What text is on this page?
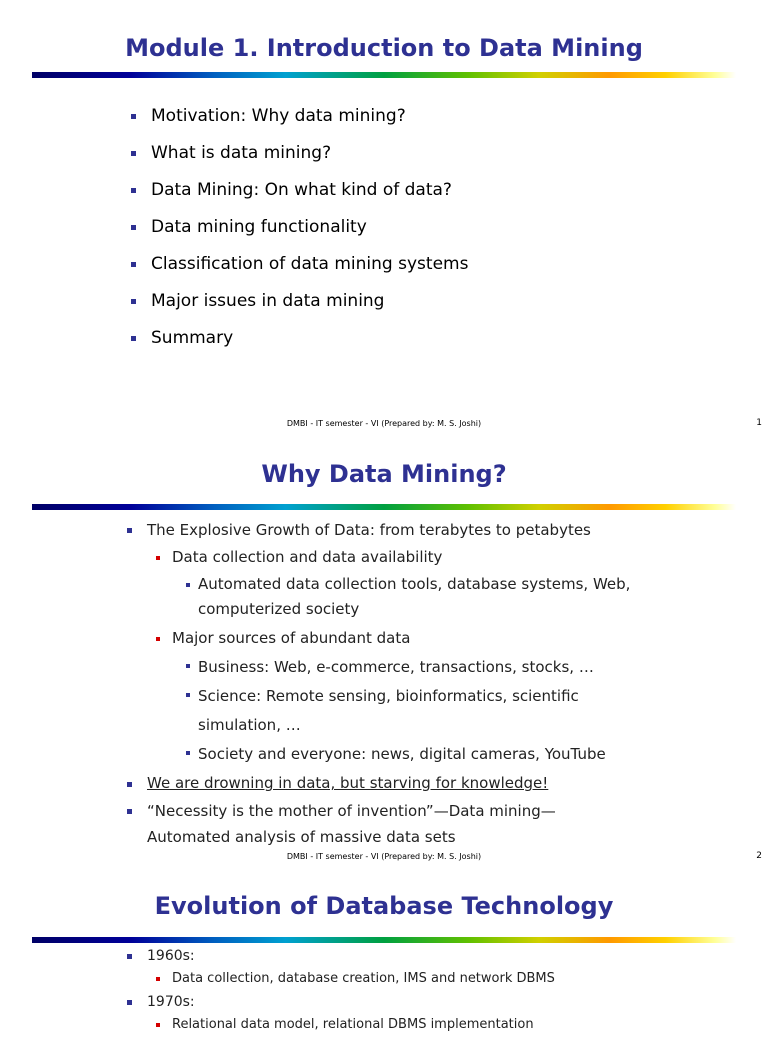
Module 1. Introduction to Data Mining
Motivation: Why data mining?
What is data mining?
Data Mining: On what kind of data?
Data mining functionality
Classification of data mining systems
Major issues in data mining
Summary
DMBI - IT semester - VI (Prepared by: M. S. Joshi)	1
Why Data Mining?
The Explosive Growth of Data: from terabytes to petabytes
Data collection and data availability
Automated data collection tools, database systems, Web, computerized society
Major sources of abundant data
Business: Web, e-commerce, transactions, stocks, …
Science: Remote sensing, bioinformatics, scientific simulation, …
Society and everyone: news, digital cameras, YouTube
We are drowning in data, but starving for knowledge!
“Necessity is the mother of invention”—Data mining—Automated analysis of massive data sets
DMBI - IT semester - VI (Prepared by: M. S. Joshi)	2
Evolution of Database Technology
1960s:
Data collection, database creation, IMS and network DBMS
1970s:
Relational data model, relational DBMS implementation
